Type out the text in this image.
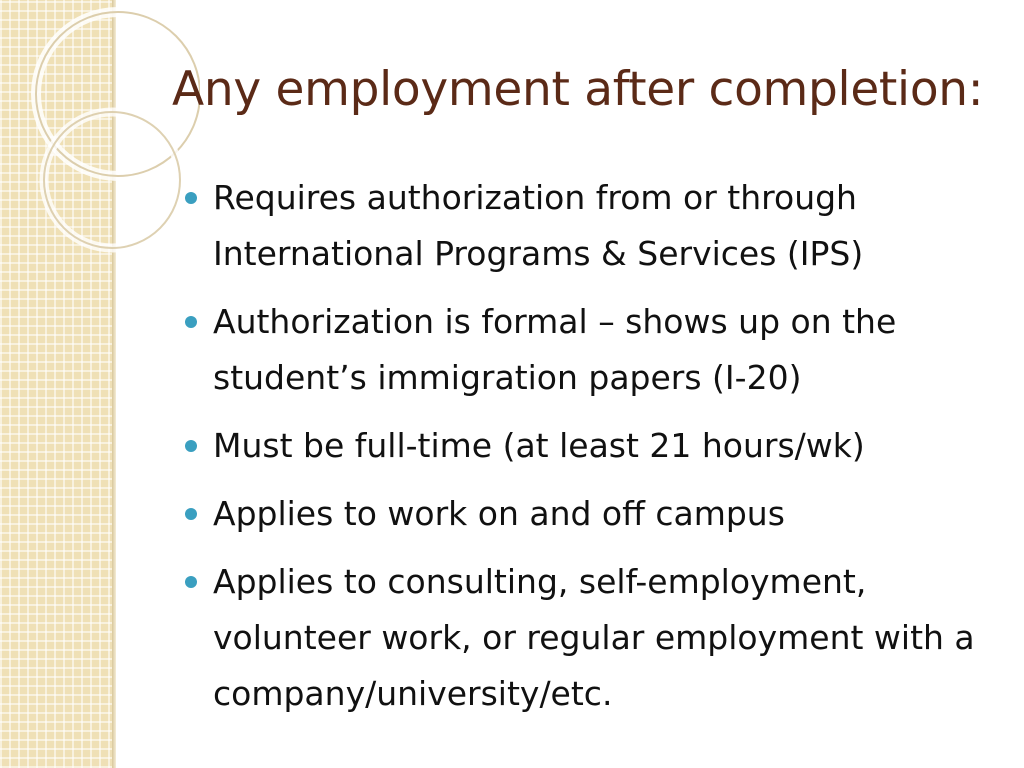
Any employment after completion:
Requires authorization from or through International Programs & Services (IPS)
Authorization is formal – shows up on the student’s immigration papers (I-20)
Must be full-time (at least 21 hours/wk)
Applies to work on and off campus
Applies to consulting, self-employment, volunteer work, or regular employment with a company/university/etc.
